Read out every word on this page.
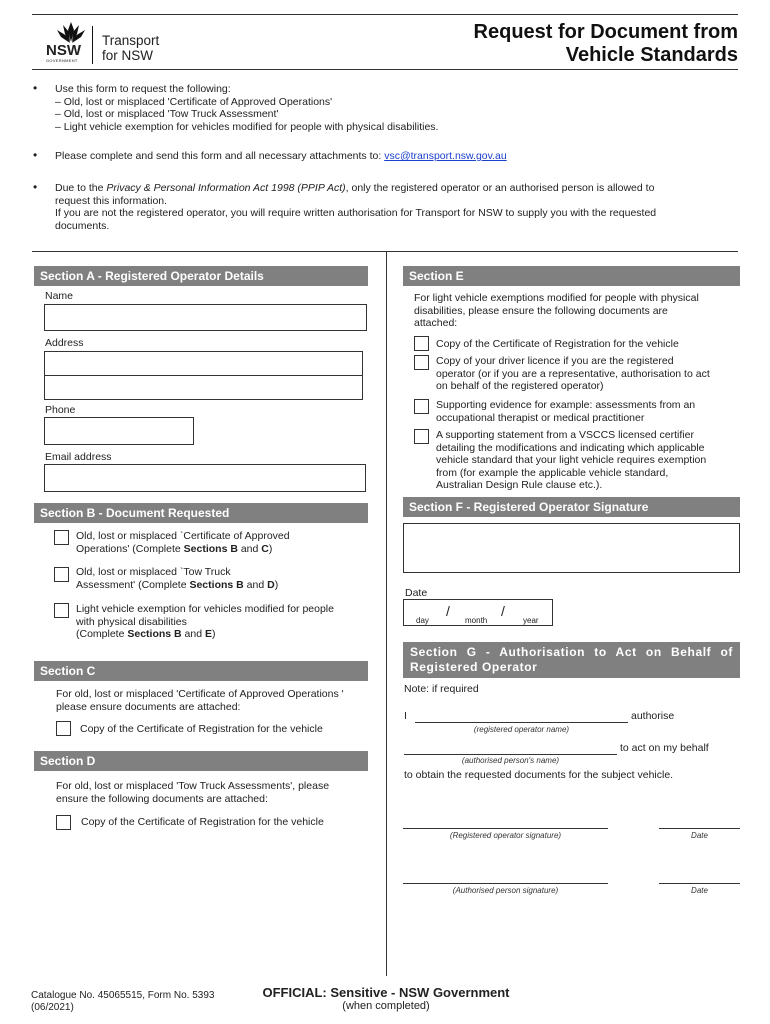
NSW
GOVERNMENT
Transport
for NSW
Request for Document from
Vehicle Standards
• Use this form to request the following:
– Old, lost or misplaced 'Certificate of Approved Operations'
– Old, lost or misplaced 'Tow Truck Assessment'
– Light vehicle exemption for vehicles modified for people with physical disabilities.
• Please complete and send this form and all necessary attachments to: vsc@transport.nsw.gov.au
• Due to the Privacy & Personal Information Act 1998 (PPIP Act), only the registered operator or an authorised person is allowed to
request this information.
If you are not the registered operator, you will require written authorisation for Transport for NSW to supply you with the requested
documents.
Section A - Registered Operator Details
Name
Address
Phone
Email address
Section B - Document Requested
Old, lost or misplaced `Certificate of Approved
Operations' (Complete Sections B and C)
Old, lost or misplaced `Tow Truck
Assessment' (Complete Sections B and D)
Light vehicle exemption for vehicles modified for people
with physical disabilities
(Complete Sections B and E)
Section C
For old, lost or misplaced 'Certificate of Approved Operations '
please ensure documents are attached:
Copy of the Certificate of Registration for the vehicle
Section D
For old, lost or misplaced 'Tow Truck Assessments', please
ensure the following documents are attached:
Copy of the Certificate of Registration for the vehicle
Section E
For light vehicle exemptions modified for people with physical
disabilities, please ensure the following documents are
attached:
Copy of the Certificate of Registration for the vehicle
Copy of your driver licence if you are the registered
operator (or if you are a representative, authorisation to act
on behalf of the registered operator)
Supporting evidence for example: assessments from an
occupational therapist or medical practitioner
A supporting statement from a VSCCS licensed certifier
detailing the modifications and indicating which applicable
vehicle standard that your light vehicle requires exemption
from (for example the applicable vehicle standard,
Australian Design Rule clause etc.).
Section F - Registered Operator Signature
Date
day
/
month
/
year
Section G - Authorisation to Act on Behalf of
Registered Operator
Note: if required
I	authorise
(registered operator name)
to act on my behalf
(authorised person's name)
to obtain the requested documents for the subject vehicle.
(Registered operator signature)	Date
(Authorised person signature)	Date
Catalogue No. 45065515, Form No. 5393
(06/2021)
OFFICIAL: Sensitive - NSW Government
(when completed)
